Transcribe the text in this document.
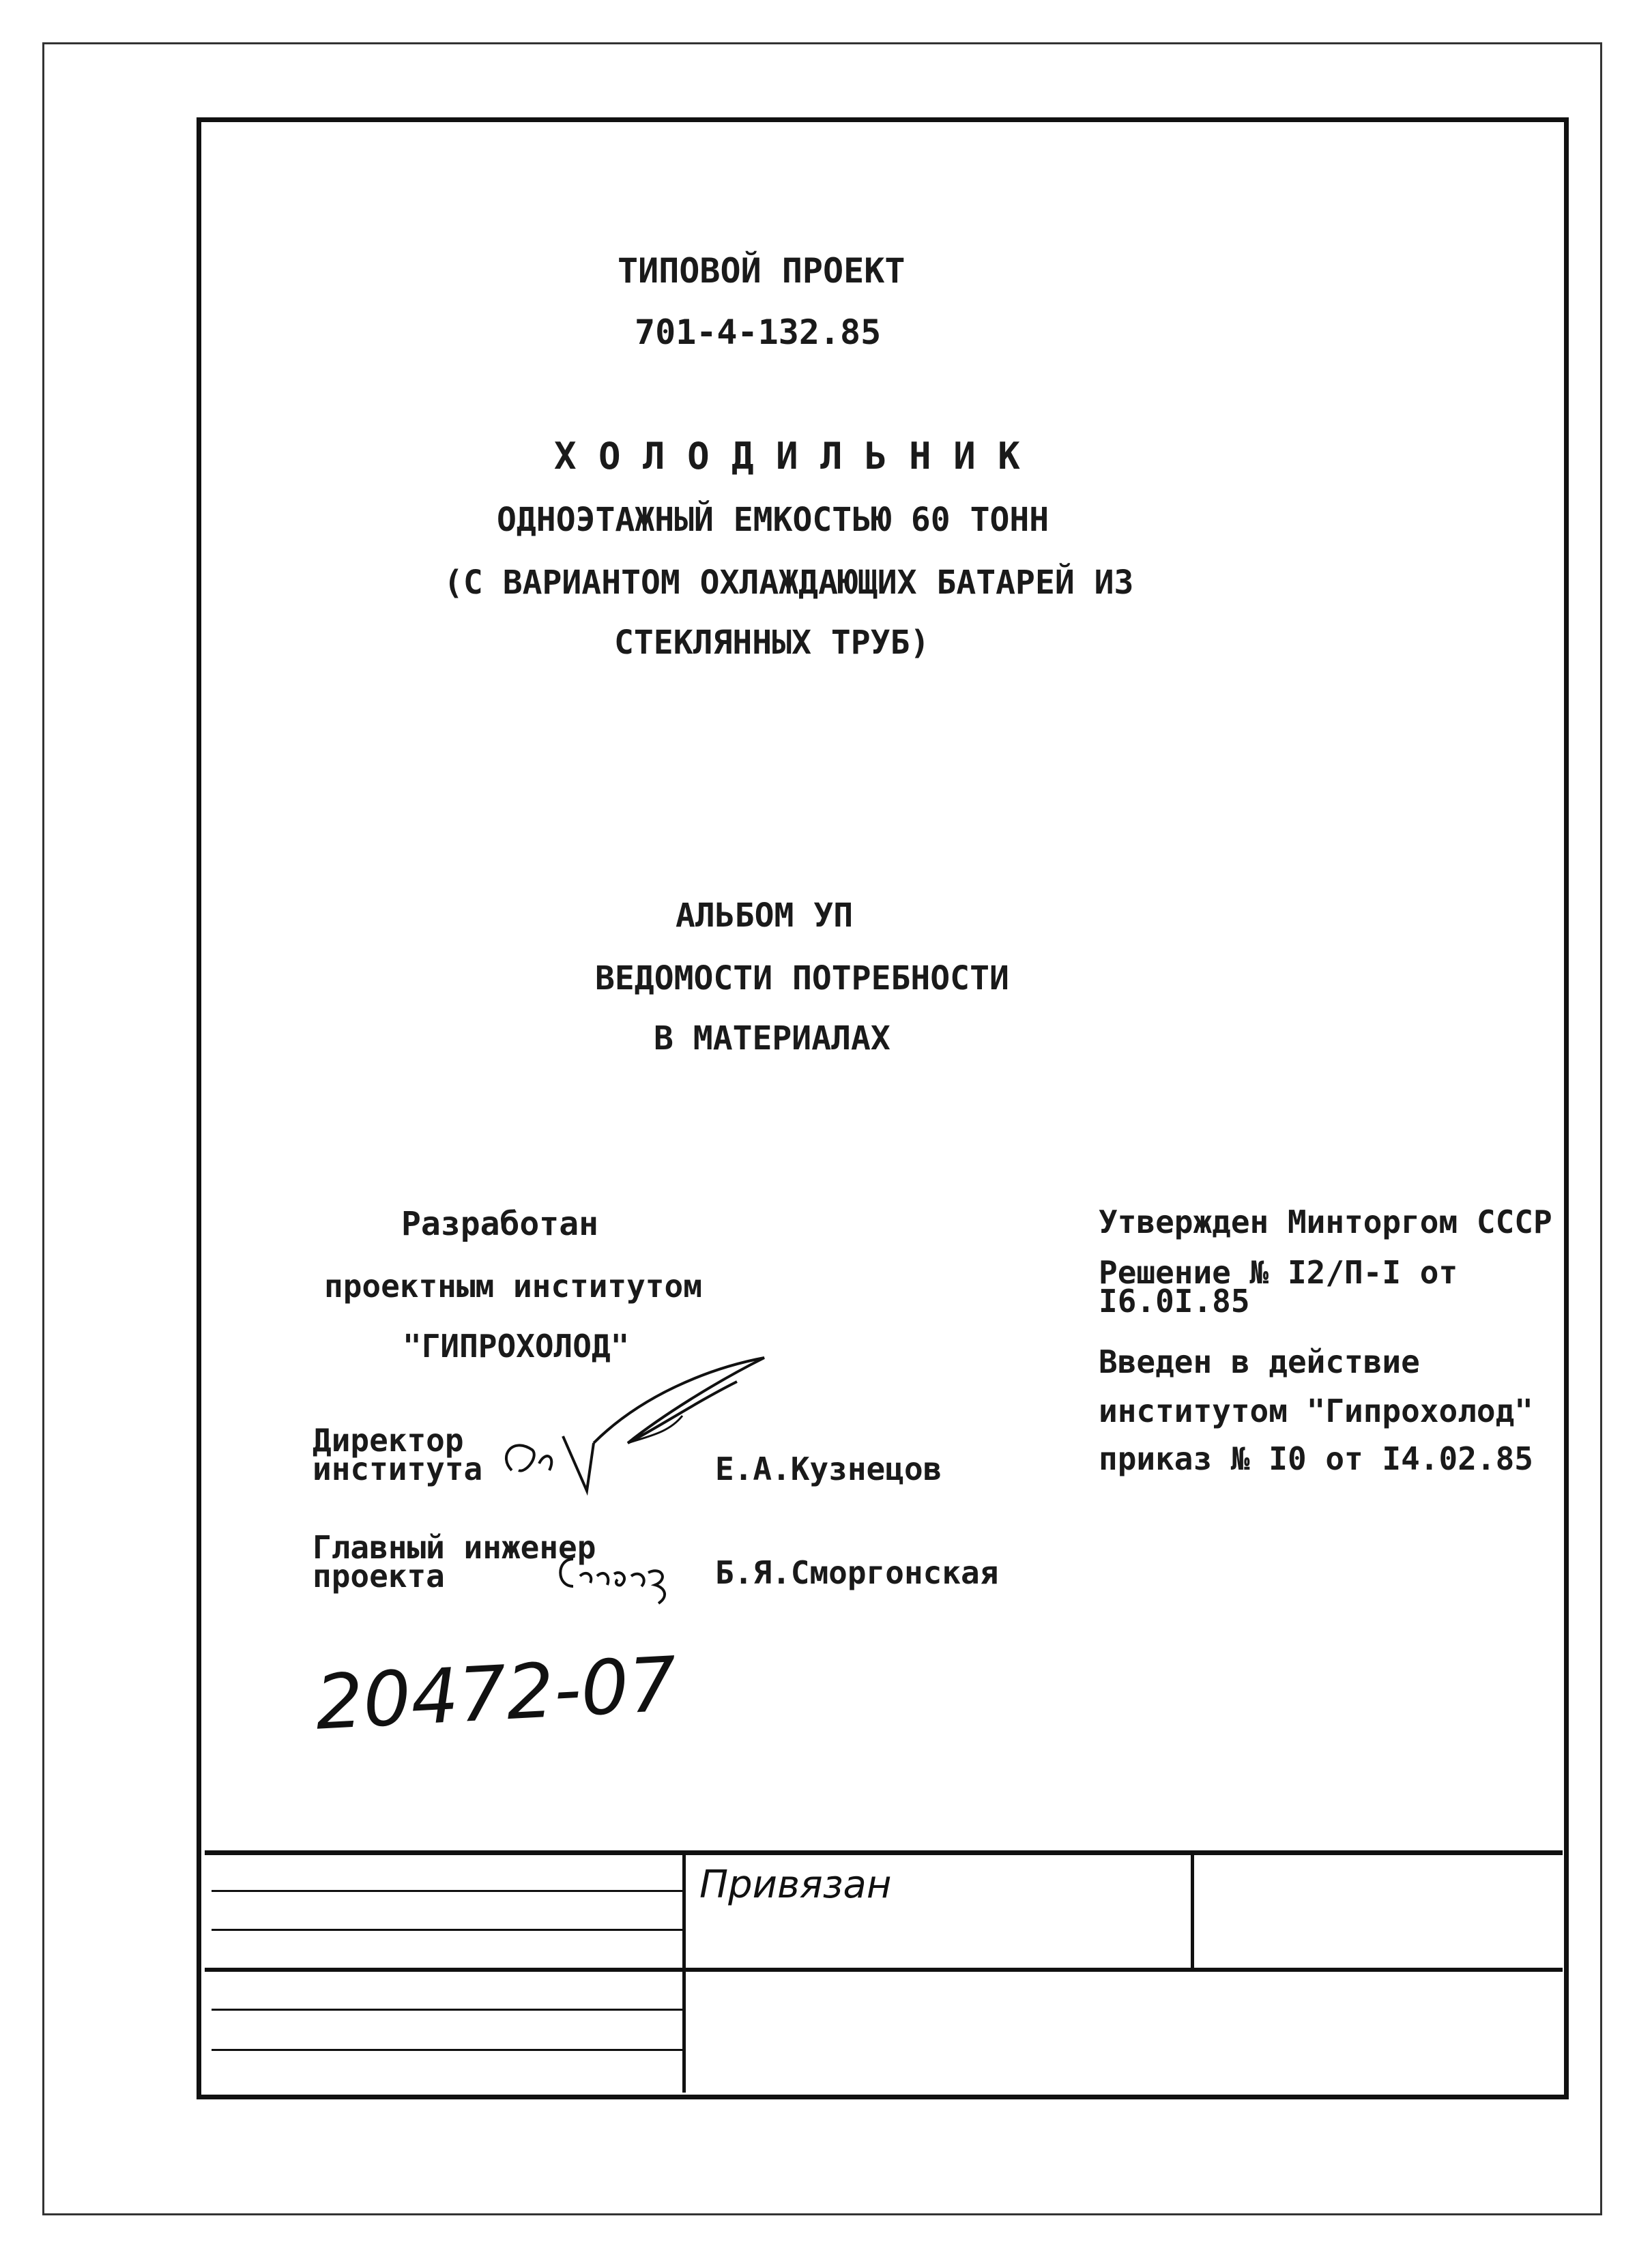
ТИПОВОЙ ПРОЕКТ
701-4-132.85
Х О Л О Д И Л Ь Н И К
ОДНОЭТАЖНЫЙ ЕМКОСТЬЮ 60 ТОНН
(С ВАРИАНТОМ ОХЛАЖДАЮЩИХ БАТАРЕЙ ИЗ
СТЕКЛЯННЫХ ТРУБ)
АЛЬБОМ УП
ВЕДОМОСТИ ПОТРЕБНОСТИ
В МАТЕРИАЛАХ
Разработан
проектным институтом
"ГИПРОХОЛОД"
Директор
института	Е.А.Кузнецов
Главный инженер
проекта	Б.Я.Сморгонская
Утвержден Минторгом СССР
Решение № I2/П-I от
I6.0I.85
Введен в действие
институтом "Гипрохолод"
приказ № I0 от I4.02.85
20472-07
Привязан
